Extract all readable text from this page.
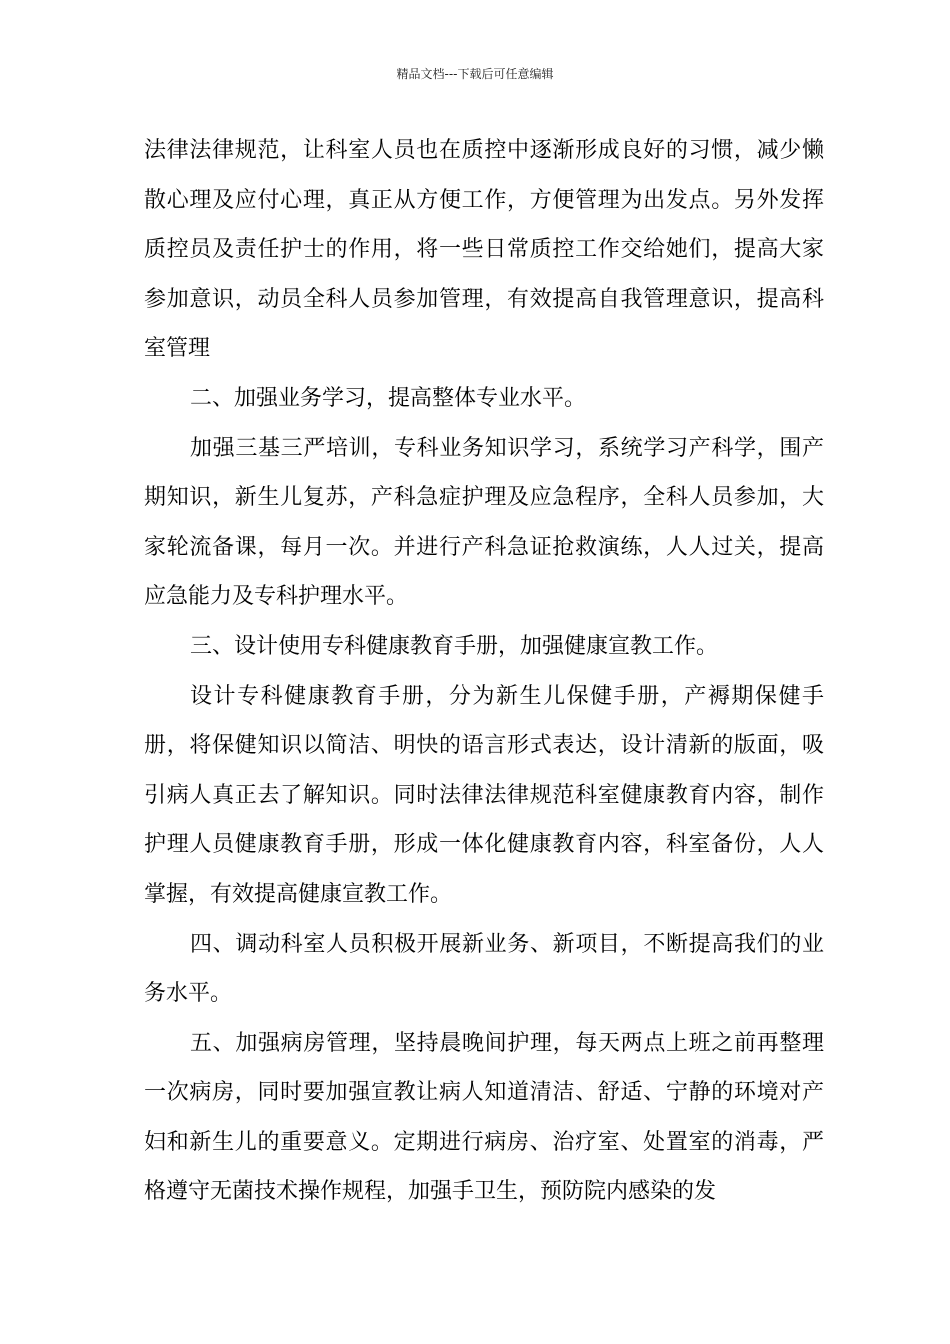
精品文档---下载后可任意编辑

法律法律规范，让科室人员也在质控中逐渐形成良好的习惯，减少懒散心理及应付心理，真正从方便工作，方便管理为出发点。另外发挥质控员及责任护士的作用，将一些日常质控工作交给她们，提高大家参加意识，动员全科人员参加管理，有效提高自我管理意识，提高科室管理

二、加强业务学习，提高整体专业水平。

加强三基三严培训，专科业务知识学习，系统学习产科学，围产期知识，新生儿复苏，产科急症护理及应急程序，全科人员参加，大家轮流备课，每月一次。并进行产科急证抢救演练，人人过关，提高应急能力及专科护理水平。

三、设计使用专科健康教育手册，加强健康宣教工作。

设计专科健康教育手册，分为新生儿保健手册，产褥期保健手册，将保健知识以简洁、明快的语言形式表达，设计清新的版面，吸引病人真正去了解知识。同时法律法律规范科室健康教育内容，制作护理人员健康教育手册，形成一体化健康教育内容，科室备份，人人掌握，有效提高健康宣教工作。

四、调动科室人员积极开展新业务、新项目，不断提高我们的业务水平。

五、加强病房管理，坚持晨晚间护理，每天两点上班之前再整理一次病房，同时要加强宣教让病人知道清洁、舒适、宁静的环境对产妇和新生儿的重要意义。定期进行病房、治疗室、处置室的消毒，严格遵守无菌技术操作规程，加强手卫生，预防院内感染的发
